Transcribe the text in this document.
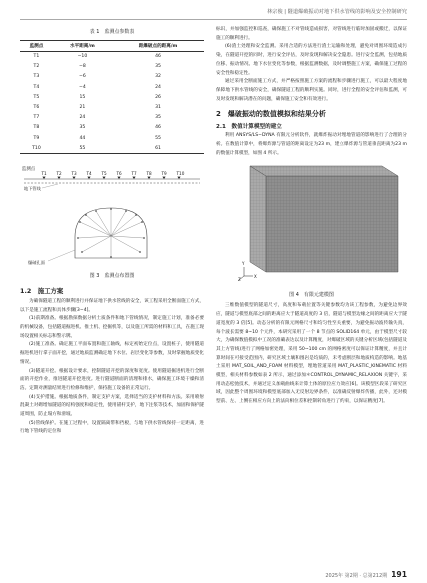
林宗俊 | 隧道爆破振动对地下供水管线的影响及安全控制研究
表 1　监测点参数表
监测点	水平距离/m	距爆破点的距离/m
T1	−10	46
T2	−8	35
T3	−6	32
T4	−4	24
T5	15	26
T6	21	31
T7	24	35
T8	35	46
T9	44	55
T10	55	61
T1 T2 T3 T4 T5 T6 T7 T8 T9 T10
监测点
地下管线
爆破孔面
图 3　监测点布置图
1.2　施工方案
为确保隧道工程的顺利进行并保证地下供水管线的安全，该工程采用全断面施工方式，以下是施工流程和具体步骤[3−4]。
(1)前期准备。根据勘探数据分析土质条件和地下管线情况，制定施工计划，准备必要的机械设备，包括隧道掘进机、推土机、挖掘机等，以及施工所需的材料和工具，在施工现场设置相关标志和警示牌。
(2)施工准备。确定施工平面布置和施工轴线，标定初始定位点，设置桩子，使用隧道掘进机进行拿子面开挖，通过地质监测确定地下水位、岩层变化等参数，及时掌握地质变化情况。
(3)隧道开挖。根据设计要求，控制隧道开挖的深度和宽度。使用隧道掘进机进行全断面的开挖作业，推进隧道开挖进度。进行隧道断面的清理和排水，确保施工环境干燥和清洁。定期对测量结果进行检修和维护，保持施工设备的正常运行。
(4)支护措施。根据地质条件，制定支护方案，选择适当的支护材料和方法。采用喷射混凝土对砌增加隧道的结构强度和稳定性，使用锚杆支护，地下注浆等技术，加固和保护隧道周围，防止塌方和滑坡。
(5)管线保护。在施工过程中，设置隔离带和挡板，与地下供水管线保持一定距离，进行地下管线的定位和
标识，并加强监控和巡查，确保施工不对管线造成损害，对管线进行临时加固或搬迁，以保证施工的顺利进行。
(6)渣土处理和安全监测。采用合适的方法进行渣土运输和处理，避免对周围环境造成污染，在隧道开挖的同时，进行安全评估，及时发现和解决安全隐患。进行安全监测，包括地质位移、振动情况、地下水位变化等参数，根据监测数据，及时调整施工方案，确保施工过程的安全性和稳定性。
通过采用全断面施工方式，并严格按照施工方案的流程和步骤进行施工，可以最大程度地保障地下供水管线的安全，确保隧道工程的顺利实施。同时，进行全程的安全评估和监测，可及时发现和解决潜在的问题，确保施工安全和有效进行。
2　爆破振动的数值模拟和结果分析
2.1　数值计算模型的建立
利用 ANSYS/LS−DYNA 有限元分析软件，就爆炸振动对埋地管道的影响进行了合理的分析。在数值计算中，将爆炸源与管道的距离设定为23 m，建立爆炸源与管道垂直距离为23 m的数值计算模型，如图 4 所示。
Y
X
Z
图 4　有限元建模图
三维数值模型的隧道尺寸，高度和布载位置等关键参数均为该工程参数，为避免边界效应，隧道与模型底部之间的距离应大于隧道高度的 3 倍，隧道与模型边缘之间的距离应大于隧道宽度的 3 倍[5]。动态分析的有限元网格尺寸和均匀性至关重要，为避免振动波传输失真，每个波长需要 8~10 个元件，本研究采用了一个 8 节点的 SOLID164 单元，由于模型尺寸较大，为确保数值模拟中工况的准确表达以及计算精度，对爆破区域的关键分析区域(包括隧道及其上方管线)进行了网格加密处理，采用 50~100 cm 的网格密度可以保证计算精度，并且计算时间在可接受范围内，研究区域土壤和围岩是均质的，未考虑断层和地质构造的影响。地基土采用 MAT_SOIL_AND_FOAM 材料模型，埋地管道采用 MAT_PLASTIC_KINEMATIC 材料模型，相关材料参数如表 2 所示，通过添加＊CONTROL_DYNAMIC_RELAXION 关键字，采用动态松弛技术，并通过定义加载曲线来计算土体的原位应力效应[6]。该模型区段采了研究区域，因此整个周围环境和模型底部加入无反射边界条件，以准确反射爆炸传播，此外，还对模型前、左、上侧在相应方向上的法向相位差和控制转角进行了约束，以保证精度[7]。
2025年 第2期 · 总第212期 191
